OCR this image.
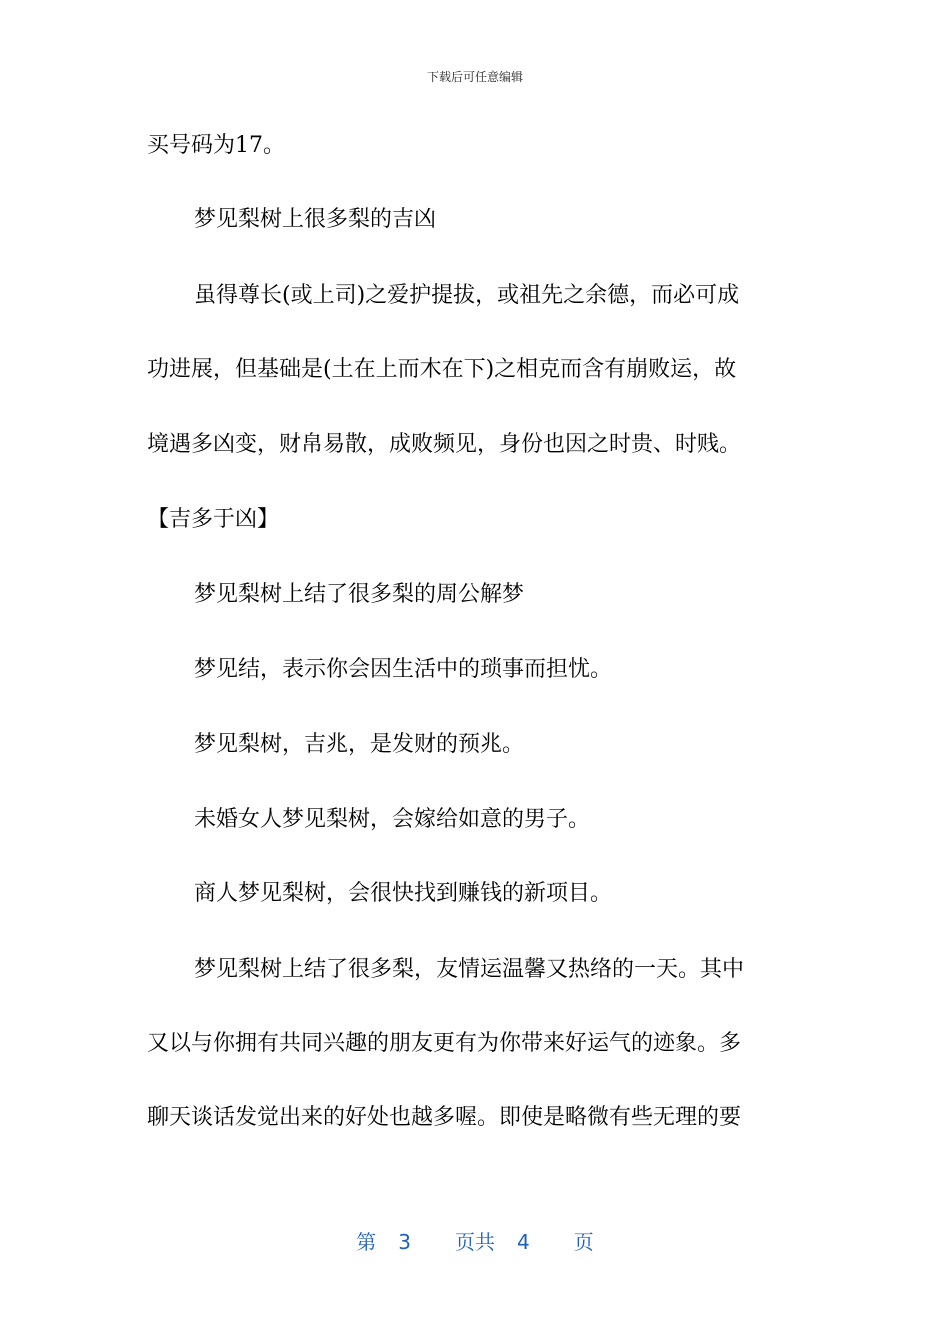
下载后可任意编辑
买号码为17。
梦见梨树上很多梨的吉凶
虽得尊长(或上司)之爱护提拔，或祖先之余德，而必可成
功进展，但基础是(土在上而木在下)之相克而含有崩败运，故
境遇多凶变，财帛易散，成败频见，身份也因之时贵、时贱。
【吉多于凶】
梦见梨树上结了很多梨的周公解梦
梦见结，表示你会因生活中的琐事而担忧。
梦见梨树，吉兆，是发财的预兆。
未婚女人梦见梨树，会嫁给如意的男子。
商人梦见梨树，会很快找到赚钱的新项目。
梦见梨树上结了很多梨，友情运温馨又热络的一天。其中
又以与你拥有共同兴趣的朋友更有为你带来好运气的迹象。多
聊天谈话发觉出来的好处也越多喔。即使是略微有些无理的要
第 3 页共 4 页
